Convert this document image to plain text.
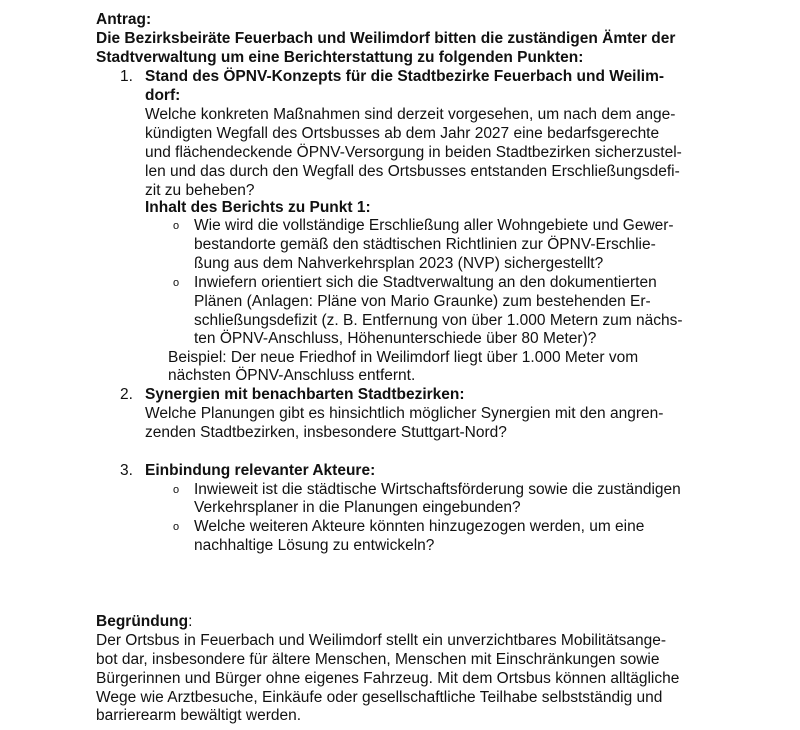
Antrag:
Die Bezirksbeiräte Feuerbach und Weilimdorf bitten die zuständigen Ämter der
Stadtverwaltung um eine Berichterstattung zu folgenden Punkten:
1. Stand des ÖPNV-Konzepts für die Stadtbezirke Feuerbach und Weilim-
dorf:
Welche konkreten Maßnahmen sind derzeit vorgesehen, um nach dem ange-
kündigten Wegfall des Ortsbusses ab dem Jahr 2027 eine bedarfsgerechte
und flächendeckende ÖPNV-Versorgung in beiden Stadtbezirken sicherzustel-
len und das durch den Wegfall des Ortsbusses entstanden Erschließungsdefi-
zit zu beheben?
Inhalt des Berichts zu Punkt 1:
o Wie wird die vollständige Erschließung aller Wohngebiete und Gewer-
bestandorte gemäß den städtischen Richtlinien zur ÖPNV-Erschlie-
ßung aus dem Nahverkehrsplan 2023 (NVP) sichergestellt?
o Inwiefern orientiert sich die Stadtverwaltung an den dokumentierten
Plänen (Anlagen: Pläne von Mario Graunke) zum bestehenden Er-
schließungsdefizit (z. B. Entfernung von über 1.000 Metern zum nächs-
ten ÖPNV-Anschluss, Höhenunterschiede über 80 Meter)?
Beispiel: Der neue Friedhof in Weilimdorf liegt über 1.000 Meter vom
nächsten ÖPNV-Anschluss entfernt.
2. Synergien mit benachbarten Stadtbezirken:
Welche Planungen gibt es hinsichtlich möglicher Synergien mit den angren-
zenden Stadtbezirken, insbesondere Stuttgart-Nord?
3. Einbindung relevanter Akteure:
o Inwieweit ist die städtische Wirtschaftsförderung sowie die zuständigen
Verkehrsplaner in die Planungen eingebunden?
o Welche weiteren Akteure könnten hinzugezogen werden, um eine
nachhaltige Lösung zu entwickeln?
Begründung:
Der Ortsbus in Feuerbach und Weilimdorf stellt ein unverzichtbares Mobilitätsange-
bot dar, insbesondere für ältere Menschen, Menschen mit Einschränkungen sowie
Bürgerinnen und Bürger ohne eigenes Fahrzeug. Mit dem Ortsbus können alltägliche
Wege wie Arztbesuche, Einkäufe oder gesellschaftliche Teilhabe selbstständig und
barrierearm bewältigt werden.
